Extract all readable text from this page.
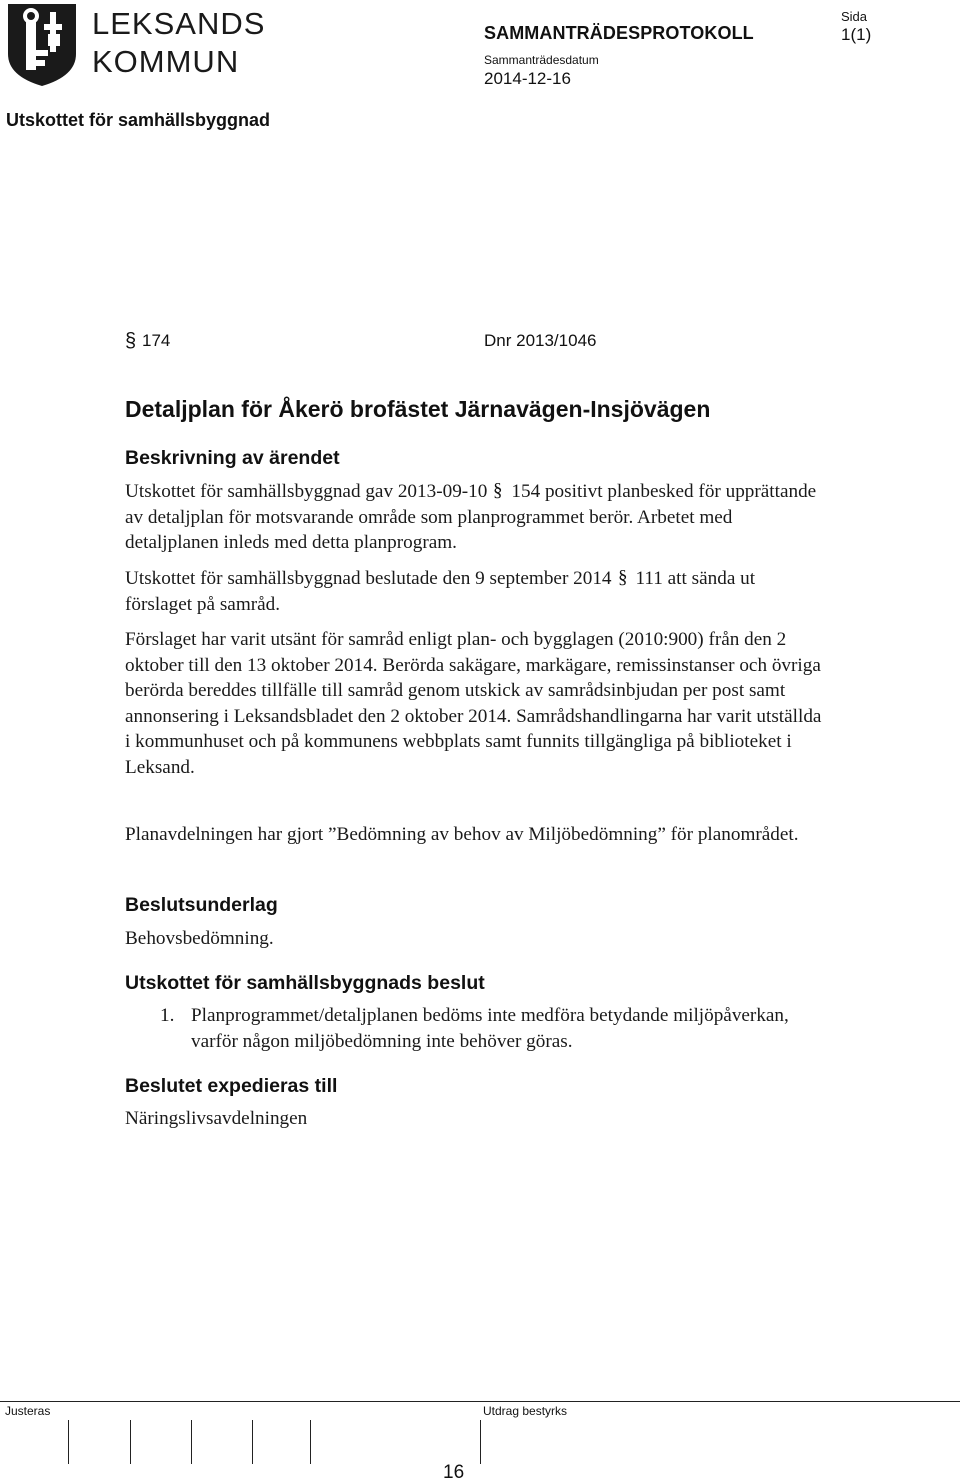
LEKSANDS
KOMMUN
SAMMANTRÄDESPROTOKOLL
Sida
1(1)
Sammanträdesdatum
2014-12-16
Utskottet för samhällsbyggnad
§ 174	Dnr 2013/1046
Detaljplan för Åkerö brofästet Järnavägen-Insjövägen
Beskrivning av ärendet
Utskottet för samhällsbyggnad gav 2013-09-10 § 154 positivt planbesked för upprättande av detaljplan för motsvarande område som planprogrammet berör. Arbetet med detaljplanen inleds med detta planprogram.
Utskottet för samhällsbyggnad beslutade den 9 september 2014 § 111 att sända ut förslaget på samråd.
Förslaget har varit utsänt för samråd enligt plan- och bygglagen (2010:900) från den 2 oktober till den 13 oktober 2014. Berörda sakägare, markägare, remissinstanser och övriga berörda bereddes tillfälle till samråd genom utskick av samrådsinbjudan per post samt annonsering i Leksandsbladet den 2 oktober 2014. Samrådshandlingarna har varit utställda i kommunhuset och på kommunens webbplats samt funnits tillgängliga på biblioteket i Leksand.
Planavdelningen har gjort ”Bedömning av behov av Miljöbedömning” för planområdet.
Beslutsunderlag
Behovsbedömning.
Utskottet för samhällsbyggnads beslut
1. Planprogrammet/detaljplanen bedöms inte medföra betydande miljöpåverkan, varför någon miljöbedömning inte behöver göras.
Beslutet expedieras till
Näringslivsavdelningen
Justeras	Utdrag bestyrks
16
